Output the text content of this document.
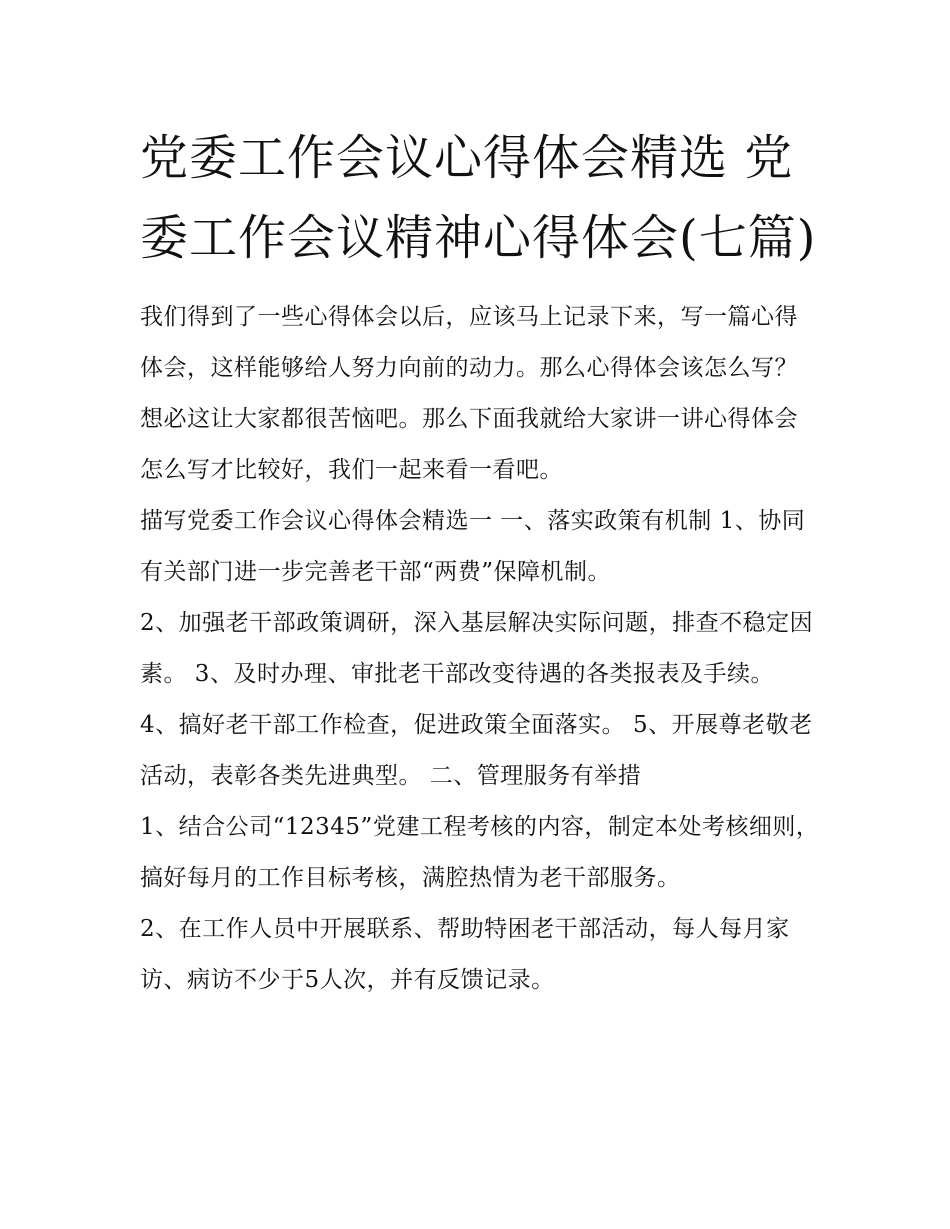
党委工作会议心得体会精选 党委工作会议精神心得体会(七篇)

我们得到了一些心得体会以后，应该马上记录下来，写一篇心得体会，这样能够给人努力向前的动力。那么心得体会该怎么写？想必这让大家都很苦恼吧。那么下面我就给大家讲一讲心得体会怎么写才比较好，我们一起来看一看吧。

描写党委工作会议心得体会精选一 一、落实政策有机制 1、协同有关部门进一步完善老干部“两费”保障机制。

2、加强老干部政策调研，深入基层解决实际问题，排查不稳定因素。 3、及时办理、审批老干部改变待遇的各类报表及手续。

4、搞好老干部工作检查，促进政策全面落实。 5、开展尊老敬老活动，表彰各类先进典型。 二、管理服务有举措

1、结合公司“12345”党建工程考核的内容，制定本处考核细则，搞好每月的工作目标考核，满腔热情为老干部服务。

2、在工作人员中开展联系、帮助特困老干部活动，每人每月家访、病访不少于5人次，并有反馈记录。
